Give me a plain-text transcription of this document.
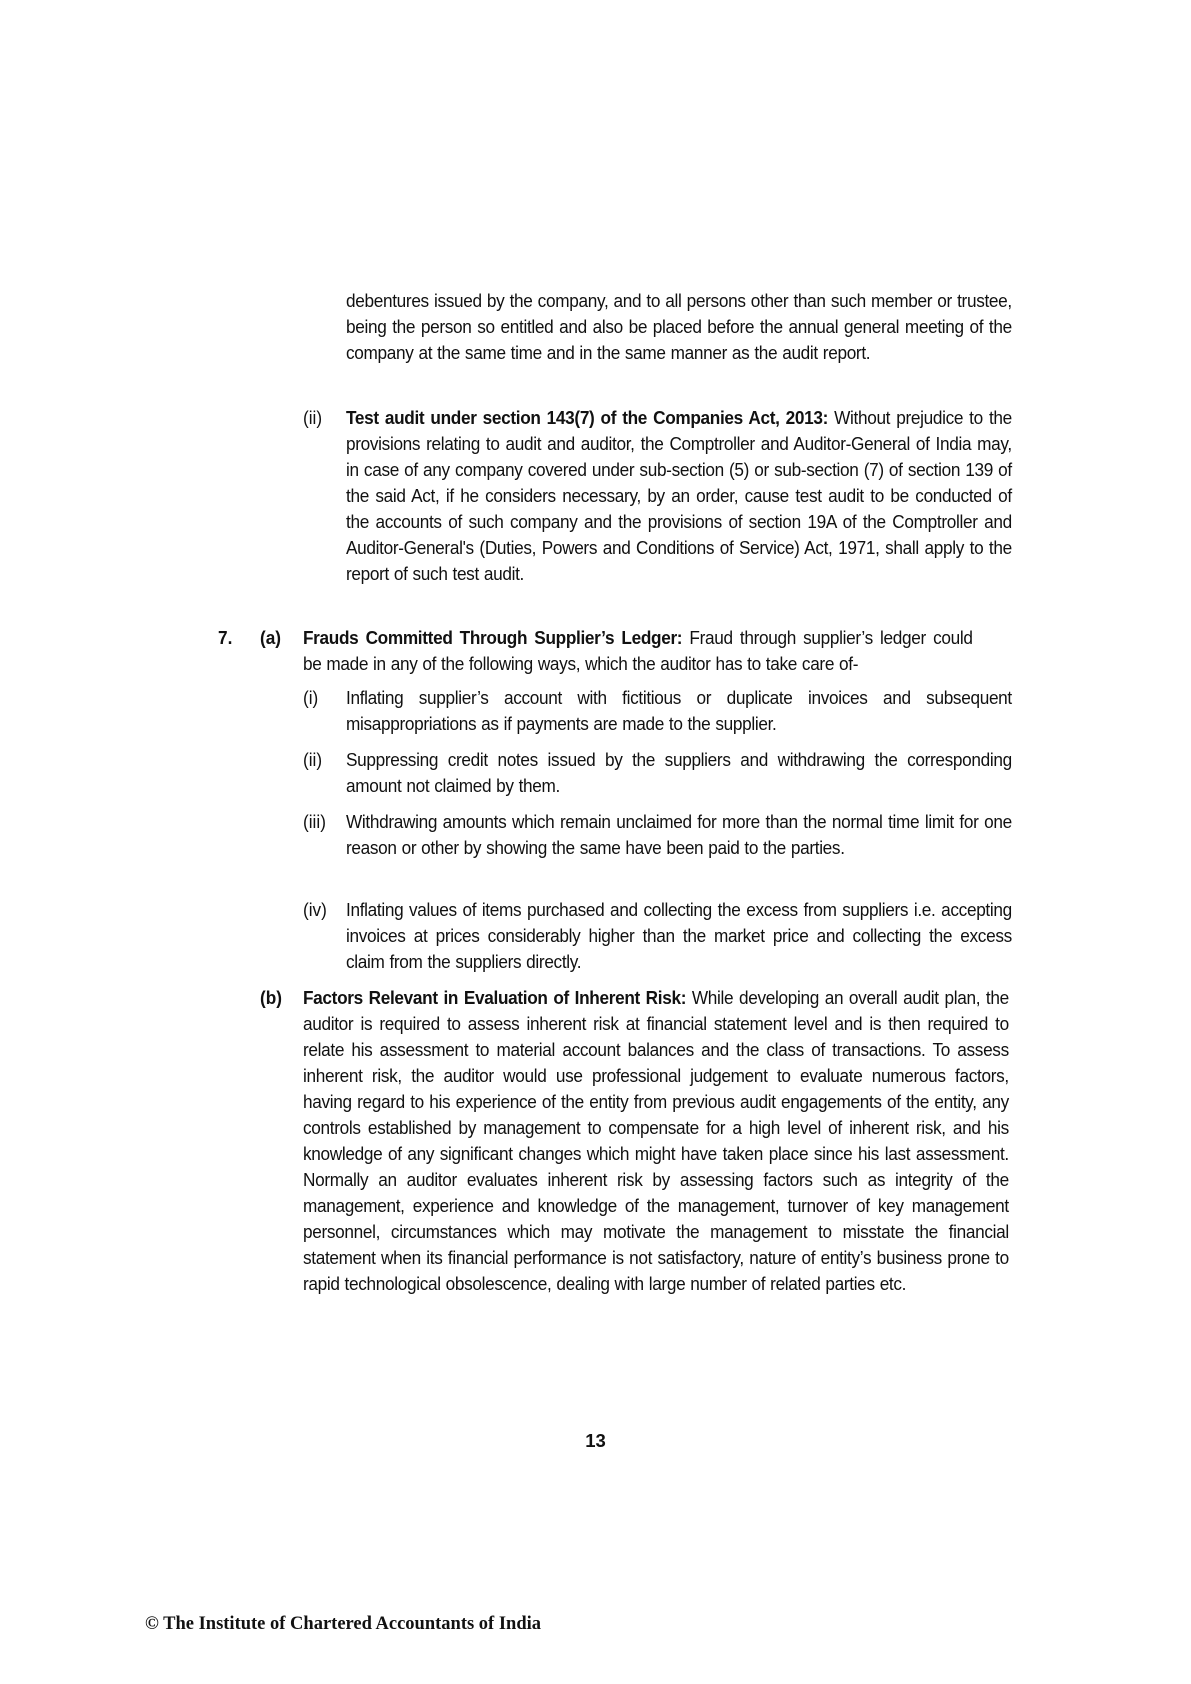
debentures issued by the company, and to all persons other than such member or trustee, being the person so entitled and also be placed before the annual general meeting of the company at the same time and in the same manner as the audit report.
(ii) Test audit under section 143(7) of the Companies Act, 2013: Without prejudice to the provisions relating to audit and auditor, the Comptroller and Auditor-General of India may, in case of any company covered under sub-section (5) or sub-section (7) of section 139 of the said Act, if he considers necessary, by an order, cause test audit to be conducted of the accounts of such company and the provisions of section 19A of the Comptroller and Auditor-General's (Duties, Powers and Conditions of Service) Act, 1971, shall apply to the report of such test audit.
7. (a) Frauds Committed Through Supplier’s Ledger: Fraud through supplier’s ledger could be made in any of the following ways, which the auditor has to take care of-
(i) Inflating supplier’s account with fictitious or duplicate invoices and subsequent misappropriations as if payments are made to the supplier.
(ii) Suppressing credit notes issued by the suppliers and withdrawing the corresponding amount not claimed by them.
(iii) Withdrawing amounts which remain unclaimed for more than the normal time limit for one reason or other by showing the same have been paid to the parties.
(iv) Inflating values of items purchased and collecting the excess from suppliers i.e. accepting invoices at prices considerably higher than the market price and collecting the excess claim from the suppliers directly.
(b) Factors Relevant in Evaluation of Inherent Risk: While developing an overall audit plan, the auditor is required to assess inherent risk at financial statement level and is then required to relate his assessment to material account balances and the class of transactions. To assess inherent risk, the auditor would use professional judgement to evaluate numerous factors, having regard to his experience of the entity from previous audit engagements of the entity, any controls established by management to compensate for a high level of inherent risk, and his knowledge of any significant changes which might have taken place since his last assessment. Normally an auditor evaluates inherent risk by assessing factors such as integrity of the management, experience and knowledge of the management, turnover of key management personnel, circumstances which may motivate the management to misstate the financial statement when its financial performance is not satisfactory, nature of entity’s business prone to rapid technological obsolescence, dealing with large number of related parties etc.
13
© The Institute of Chartered Accountants of India
